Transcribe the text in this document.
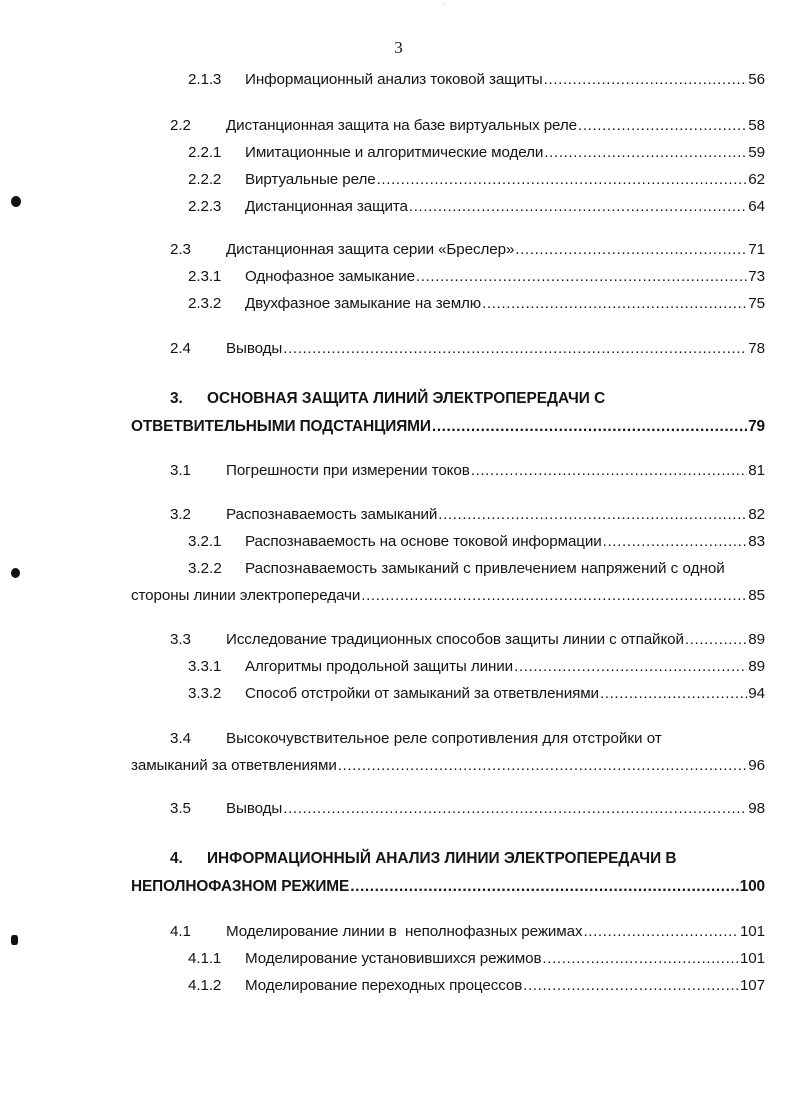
3
2.1.3 Информационный анализ токовой защиты .....	56
2.2 Дистанционная защита на базе виртуальных реле .....	58
2.2.1 Имитационные и алгоритмические модели .....	59
2.2.2 Виртуальные реле .....	62
2.2.3 Дистанционная защита .....	64
2.3 Дистанционная защита серии «Бреслер» .....	71
2.3.1 Однофазное замыкание .....	73
2.3.2 Двухфазное замыкание на землю .....	75
2.4 Выводы .....	78
3. ОСНОВНАЯ ЗАЩИТА ЛИНИЙ ЭЛЕКТРОПЕРЕДАЧИ С
ОТВЕТВИТЕЛЬНЫМИ ПОДСТАНЦИЯМИ .....	79
3.1 Погрешности при измерении токов .....	81
3.2 Распознаваемость замыканий .....	82
3.2.1 Распознаваемость на основе токовой информации .....	83
3.2.2 Распознаваемость замыканий с привлечением напряжений с одной
стороны линии электропередачи .....	85
3.3 Исследование традиционных способов защиты линии с отпайкой .....	89
3.3.1 Алгоритмы продольной защиты линии .....	89
3.3.2 Способ отстройки от замыканий за ответвлениями .....	94
3.4 Высокочувствительное реле сопротивления для отстройки от
замыканий за ответвлениями .....	96
3.5 Выводы .....	98
4. ИНФОРМАЦИОННЫЙ АНАЛИЗ ЛИНИИ ЭЛЕКТРОПЕРЕДАЧИ В
НЕПОЛНОФАЗНОМ РЕЖИМЕ .....	100
4.1 Моделирование линии в  неполнофазных режимах .....	101
4.1.1 Моделирование установившихся режимов .....	101
4.1.2 Моделирование переходных процессов .....	107
